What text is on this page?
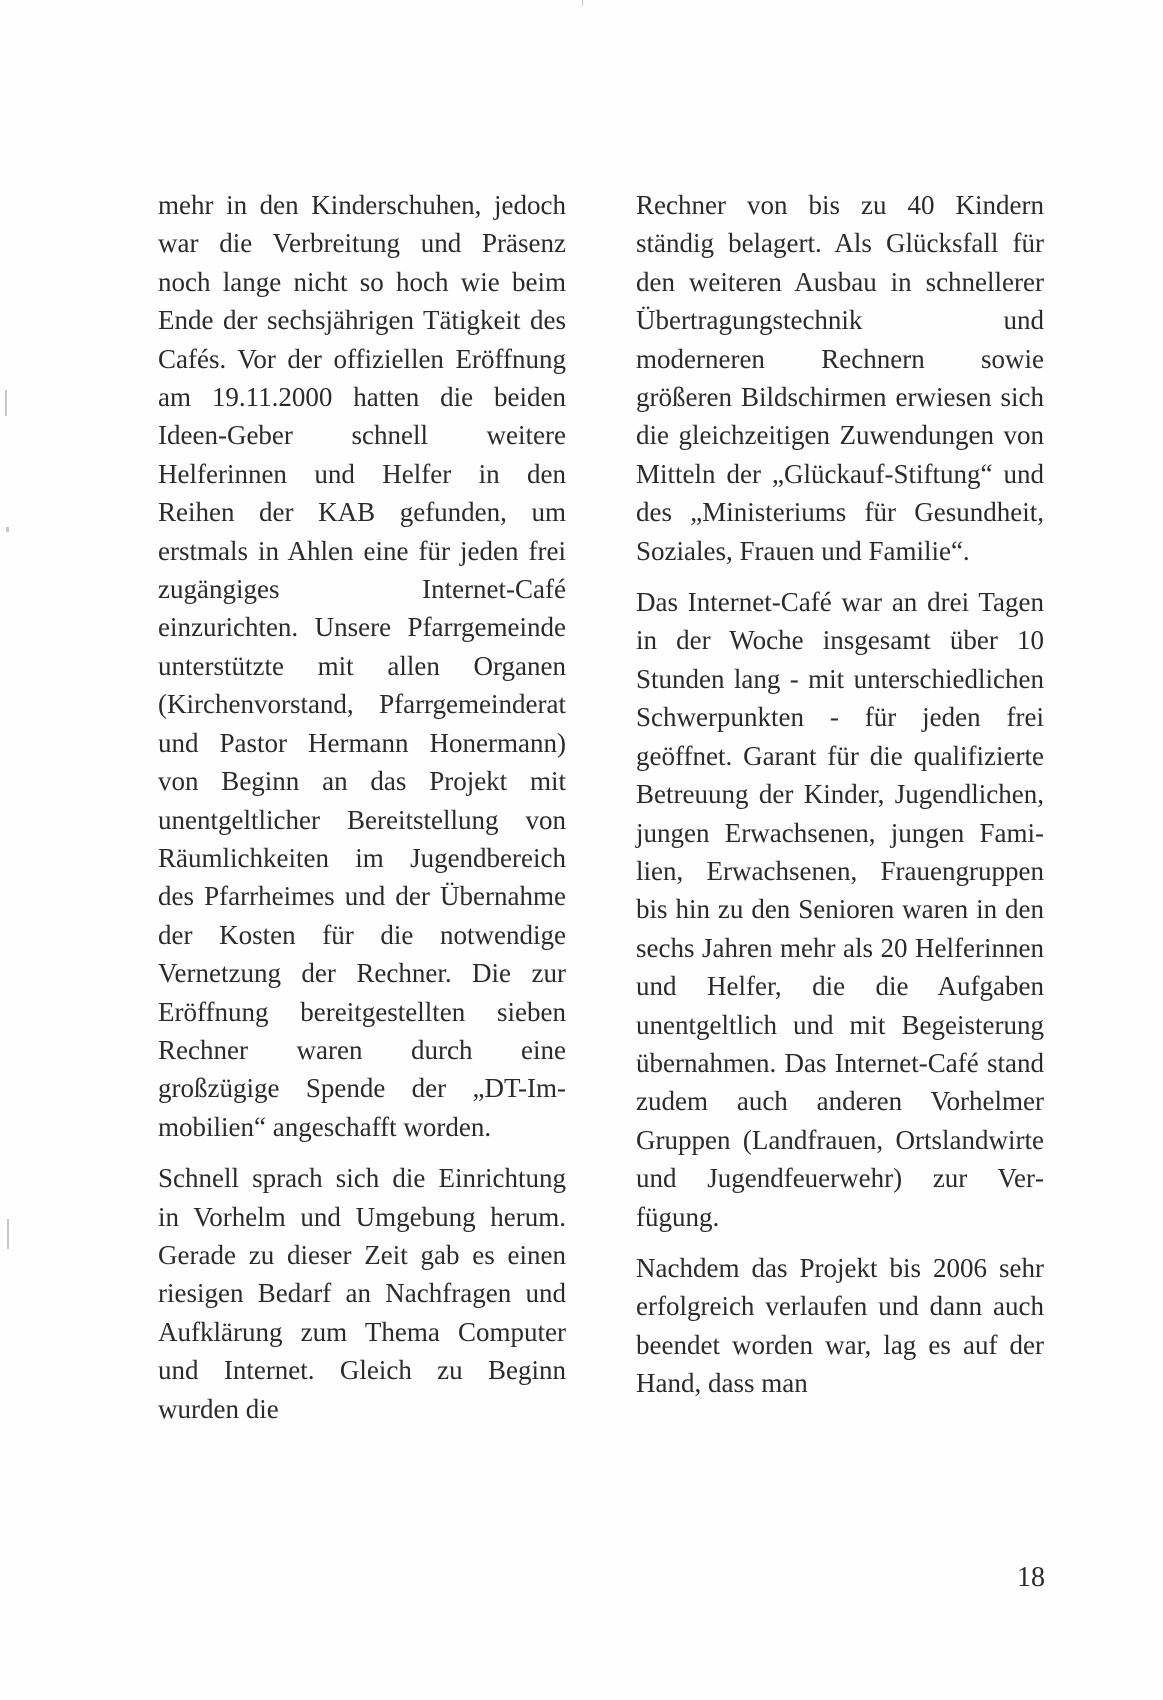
mehr in den Kinderschuhen, jedoch war die Verbreitung und Präsenz noch lange nicht so hoch wie beim Ende der sechsjährigen Tätigkeit des Cafés. Vor der offiziellen Eröffnung am 19.11.2000 hatten die beiden Ideen-Geber schnell weitere Helferinnen und Helfer in den Reihen der KAB gefunden, um erstmals in Ahlen eine für jeden frei zugängiges Internet-Café einzurichten. Unsere Pfarrgemeinde unterstützte mit allen Organen (Kirchenvorstand, Pfarrgemeinderat und Pastor Hermann Honermann) von Beginn an das Projekt mit unentgeltlicher Bereitstellung von Räumlichkeiten im Jugendbereich des Pfarrheimes und der Übernahme der Kosten für die notwendige Vernetzung der Rechner. Die zur Eröffnung bereitgestellten sieben Rechner waren durch eine großzügige Spende der „DT-Immobilien“ angeschafft worden.

Schnell sprach sich die Einrichtung in Vorhelm und Umgebung herum. Gerade zu dieser Zeit gab es einen riesigen Bedarf an Nachfragen und Aufklärung zum Thema Computer und Internet. Gleich zu Beginn wurden die

Rechner von bis zu 40 Kindern ständig belagert. Als Glücksfall für den weiteren Ausbau in schnellerer Übertragungstechnik und moderneren Rechnern sowie größeren Bildschirmen erwiesen sich die gleichzeitigen Zuwendungen von Mitteln der „Glückauf-Stiftung“ und des „Ministeriums für Gesundheit, Soziales, Frauen und Familie“.

Das Internet-Café war an drei Tagen in der Woche insgesamt über 10 Stunden lang - mit unterschiedlichen Schwerpunkten - für jeden frei geöffnet. Garant für die qualifizierte Betreuung der Kinder, Jugendlichen, jungen Erwachsenen, jungen Familien, Erwachsenen, Frauengruppen bis hin zu den Senioren waren in den sechs Jahren mehr als 20 Helferinnen und Helfer, die die Aufgaben unentgeltlich und mit Begeisterung übernahmen. Das Internet-Café stand zudem auch anderen Vorhelmer Gruppen (Landfrauen, Ortslandwirte und Jugendfeuerwehr) zur Verfügung.

Nachdem das Projekt bis 2006 sehr erfolgreich verlaufen und dann auch beendet worden war, lag es auf der Hand, dass man

18
